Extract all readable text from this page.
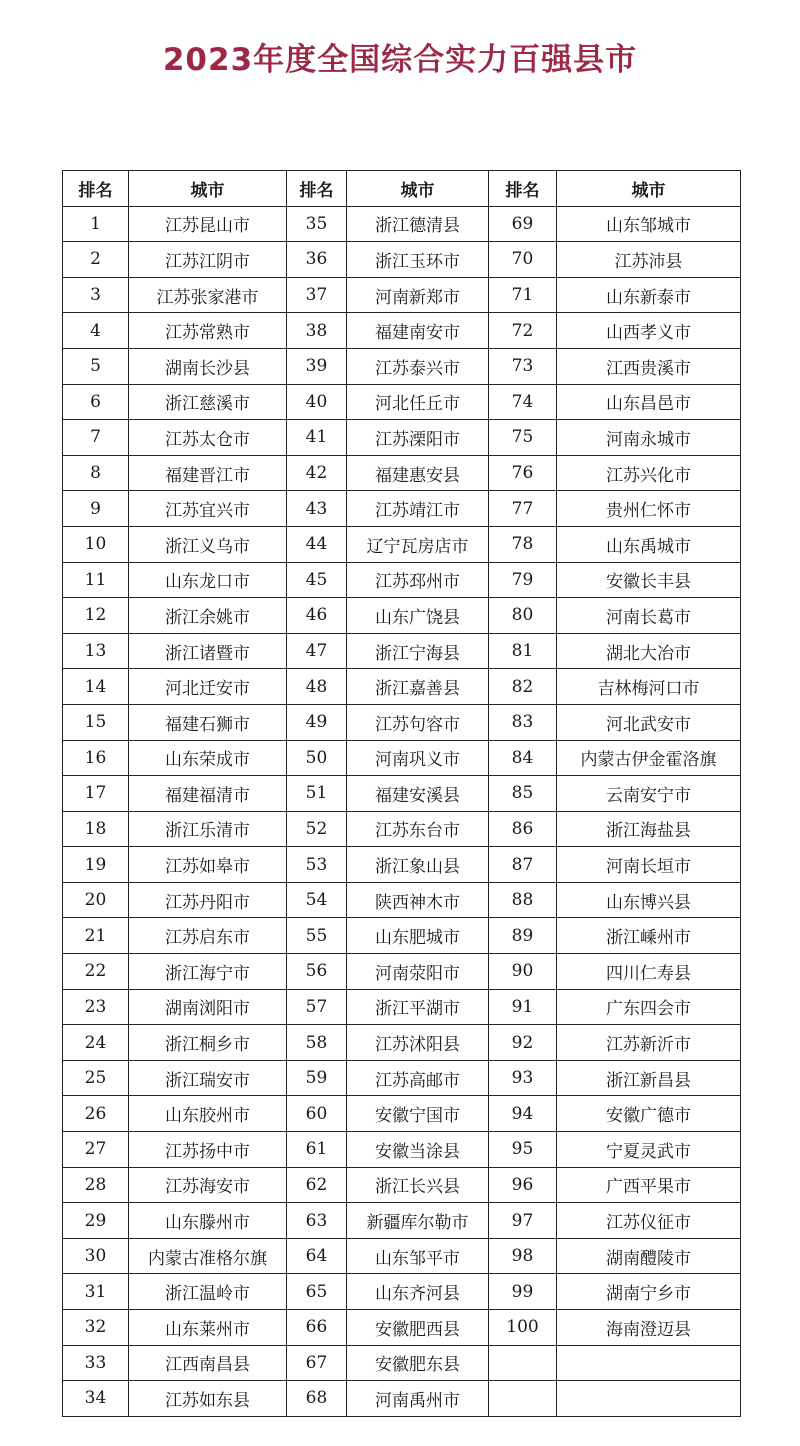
2023年度全国综合实力百强县市
排名	城市	排名	城市	排名	城市
1	江苏昆山市	35	浙江德清县	69	山东邹城市
2	江苏江阴市	36	浙江玉环市	70	江苏沛县
3	江苏张家港市	37	河南新郑市	71	山东新泰市
4	江苏常熟市	38	福建南安市	72	山西孝义市
5	湖南长沙县	39	江苏泰兴市	73	江西贵溪市
6	浙江慈溪市	40	河北任丘市	74	山东昌邑市
7	江苏太仓市	41	江苏溧阳市	75	河南永城市
8	福建晋江市	42	福建惠安县	76	江苏兴化市
9	江苏宜兴市	43	江苏靖江市	77	贵州仁怀市
10	浙江义乌市	44	辽宁瓦房店市	78	山东禹城市
11	山东龙口市	45	江苏邳州市	79	安徽长丰县
12	浙江余姚市	46	山东广饶县	80	河南长葛市
13	浙江诸暨市	47	浙江宁海县	81	湖北大冶市
14	河北迁安市	48	浙江嘉善县	82	吉林梅河口市
15	福建石狮市	49	江苏句容市	83	河北武安市
16	山东荣成市	50	河南巩义市	84	内蒙古伊金霍洛旗
17	福建福清市	51	福建安溪县	85	云南安宁市
18	浙江乐清市	52	江苏东台市	86	浙江海盐县
19	江苏如皋市	53	浙江象山县	87	河南长垣市
20	江苏丹阳市	54	陕西神木市	88	山东博兴县
21	江苏启东市	55	山东肥城市	89	浙江嵊州市
22	浙江海宁市	56	河南荥阳市	90	四川仁寿县
23	湖南浏阳市	57	浙江平湖市	91	广东四会市
24	浙江桐乡市	58	江苏沭阳县	92	江苏新沂市
25	浙江瑞安市	59	江苏高邮市	93	浙江新昌县
26	山东胶州市	60	安徽宁国市	94	安徽广德市
27	江苏扬中市	61	安徽当涂县	95	宁夏灵武市
28	江苏海安市	62	浙江长兴县	96	广西平果市
29	山东滕州市	63	新疆库尔勒市	97	江苏仪征市
30	内蒙古准格尔旗	64	山东邹平市	98	湖南醴陵市
31	浙江温岭市	65	山东齐河县	99	湖南宁乡市
32	山东莱州市	66	安徽肥西县	100	海南澄迈县
33	江西南昌县	67	安徽肥东县		
34	江苏如东县	68	河南禹州市		
